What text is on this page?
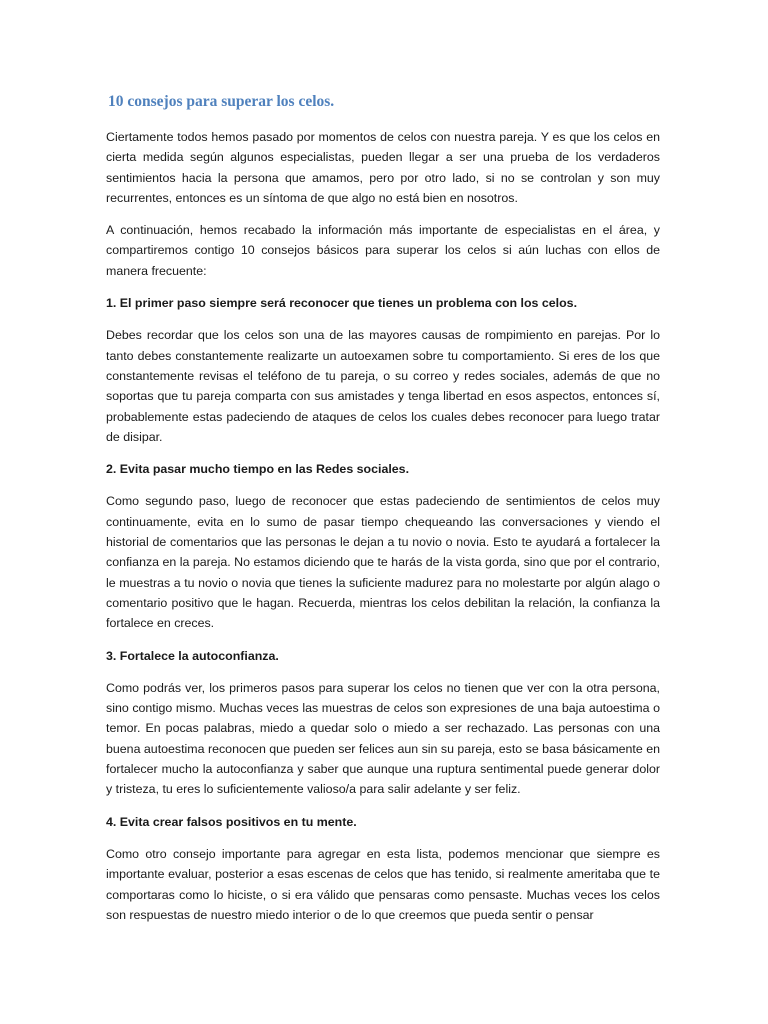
10 consejos para superar los celos.

Ciertamente todos hemos pasado por momentos de celos con nuestra pareja. Y es que los celos en cierta medida según algunos especialistas, pueden llegar a ser una prueba de los verdaderos sentimientos hacia la persona que amamos, pero por otro lado, si no se controlan y son muy recurrentes, entonces es un síntoma de que algo no está bien en nosotros.

A continuación, hemos recabado la información más importante de especialistas en el área, y compartiremos contigo 10 consejos básicos para superar los celos si aún luchas con ellos de manera frecuente:

1. El primer paso siempre será reconocer que tienes un problema con los celos.

Debes recordar que los celos son una de las mayores causas de rompimiento en parejas. Por lo tanto debes constantemente realizarte un autoexamen sobre tu comportamiento. Si eres de los que constantemente revisas el teléfono de tu pareja, o su correo y redes sociales, además de que no soportas que tu pareja comparta con sus amistades y tenga libertad en esos aspectos, entonces sí, probablemente estas padeciendo de ataques de celos los cuales debes reconocer para luego tratar de disipar.

2. Evita pasar mucho tiempo en las Redes sociales.

Como segundo paso, luego de reconocer que estas padeciendo de sentimientos de celos muy continuamente, evita en lo sumo de pasar tiempo chequeando las conversaciones y viendo el historial de comentarios que las personas le dejan a tu novio o novia. Esto te ayudará a fortalecer la confianza en la pareja. No estamos diciendo que te harás de la vista gorda, sino que por el contrario, le muestras a tu novio o novia que tienes la suficiente madurez para no molestarte por algún alago o comentario positivo que le hagan. Recuerda, mientras los celos debilitan la relación, la confianza la fortalece en creces.

3. Fortalece la autoconfianza.

Como podrás ver, los primeros pasos para superar los celos no tienen que ver con la otra persona, sino contigo mismo. Muchas veces las muestras de celos son expresiones de una baja autoestima o temor. En pocas palabras, miedo a quedar solo o miedo a ser rechazado. Las personas con una buena autoestima reconocen que pueden ser felices aun sin su pareja, esto se basa básicamente en fortalecer mucho la autoconfianza y saber que aunque una ruptura sentimental puede generar dolor y tristeza, tu eres lo suficientemente valioso/a para salir adelante y ser feliz.

4. Evita crear falsos positivos en tu mente.

Como otro consejo importante para agregar en esta lista, podemos mencionar que siempre es importante evaluar, posterior a esas escenas de celos que has tenido, si realmente ameritaba que te comportaras como lo hiciste, o si era válido que pensaras como pensaste. Muchas veces los celos son respuestas de nuestro miedo interior o de lo que creemos que pueda sentir o pensar
